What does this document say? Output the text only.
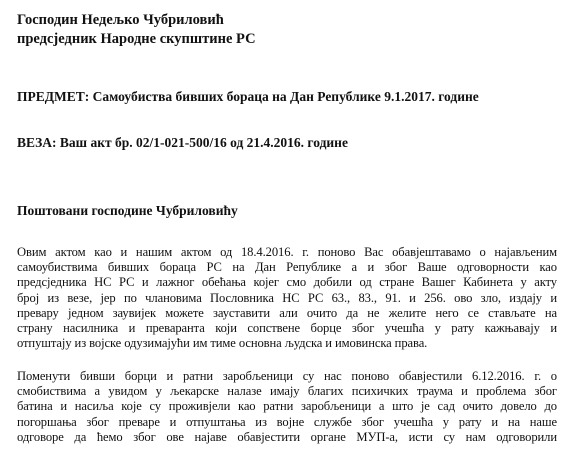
Господин Недељко Чубриловић
предсједник Народне скупштине РС
ПРЕДМЕТ: Самоубиства бивших бораца на Дан Републике 9.1.2017. године
ВЕЗА: Ваш акт бр. 02/1-021-500/16 од 21.4.2016. године
Поштовани господине Чубриловићу
Овим актом као и нашим актом од 18.4.2016. г. поново Вас обавјештавамо о најављеним
самоубиствима бивших бораца РС на Дан Републике а и због Ваше одговорности као
предсједника НС РС и лажног обећања којег смо добили од стране Вашег Кабинета у акту
број из везе, јер по члановима Пословника НС РС 63., 83., 91. и 256. ово зло, издају и
превару једном заувијек можете зауставити али очито да не желите него се стављате на
страну насилника и преваранта који сопствене борце због учешћа у рату кажњавају и
отпуштају из војске одузимајући им тиме основна људска и имовинска права.
Поменути бивши борци и ратни заробљеници су нас поново обавјестили 6.12.2016. г. о
смобиствима а увидом у љекарске налазе имају благих психичких траума и проблема због
батина и насиља које су проживјели као ратни заробљеници а што је сад очито довело до
погоршања због преваре и отпуштања из војне службе због учешћа у рату и на наше
одговоре да ћемо због ове најаве обавјестити органе МУП-а, исти су нам одговорили
